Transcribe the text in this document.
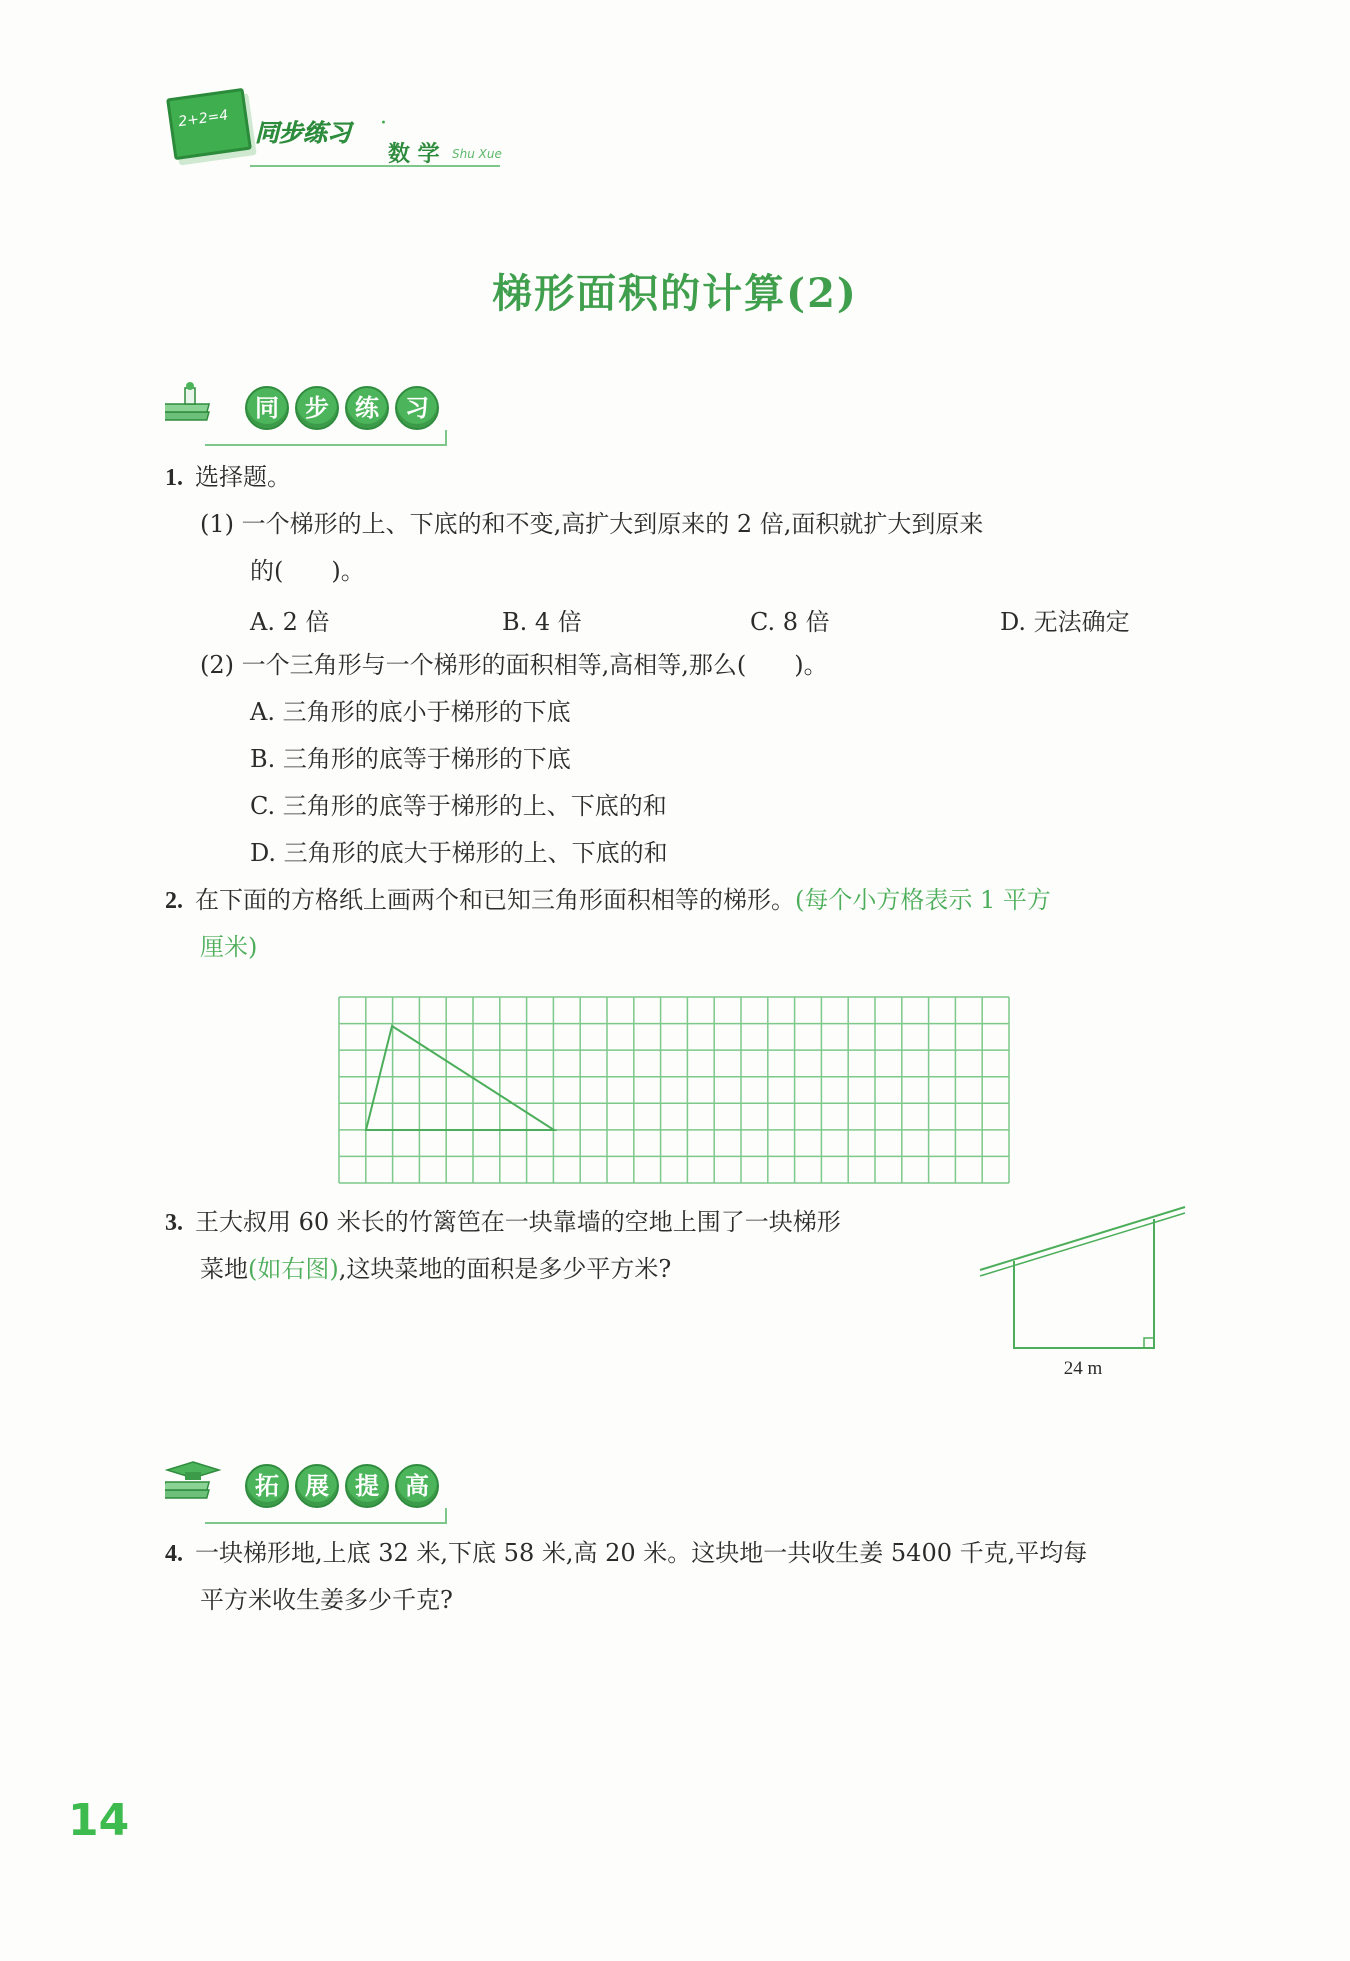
2+2=4
同步练习 ·
数 学 Shu Xue
梯形面积的计算(2)
同	步	练	习
1. 选择题。
(1) 一个梯形的上、下底的和不变,高扩大到原来的 2 倍,面积就扩大到原来
的(　　)。
A. 2 倍	B. 4 倍	C. 8 倍	D. 无法确定
(2) 一个三角形与一个梯形的面积相等,高相等,那么(　　)。
A. 三角形的底小于梯形的下底
B. 三角形的底等于梯形的下底
C. 三角形的底等于梯形的上、下底的和
D. 三角形的底大于梯形的上、下底的和
2. 在下面的方格纸上画两个和已知三角形面积相等的梯形。(每个小方格表示 1 平方
厘米)
3. 王大叔用 60 米长的竹篱笆在一块靠墙的空地上围了一块梯形
菜地(如右图),这块菜地的面积是多少平方米?
24 m
拓	展	提	高
4. 一块梯形地,上底 32 米,下底 58 米,高 20 米。这块地一共收生姜 5400 千克,平均每
平方米收生姜多少千克?
14
